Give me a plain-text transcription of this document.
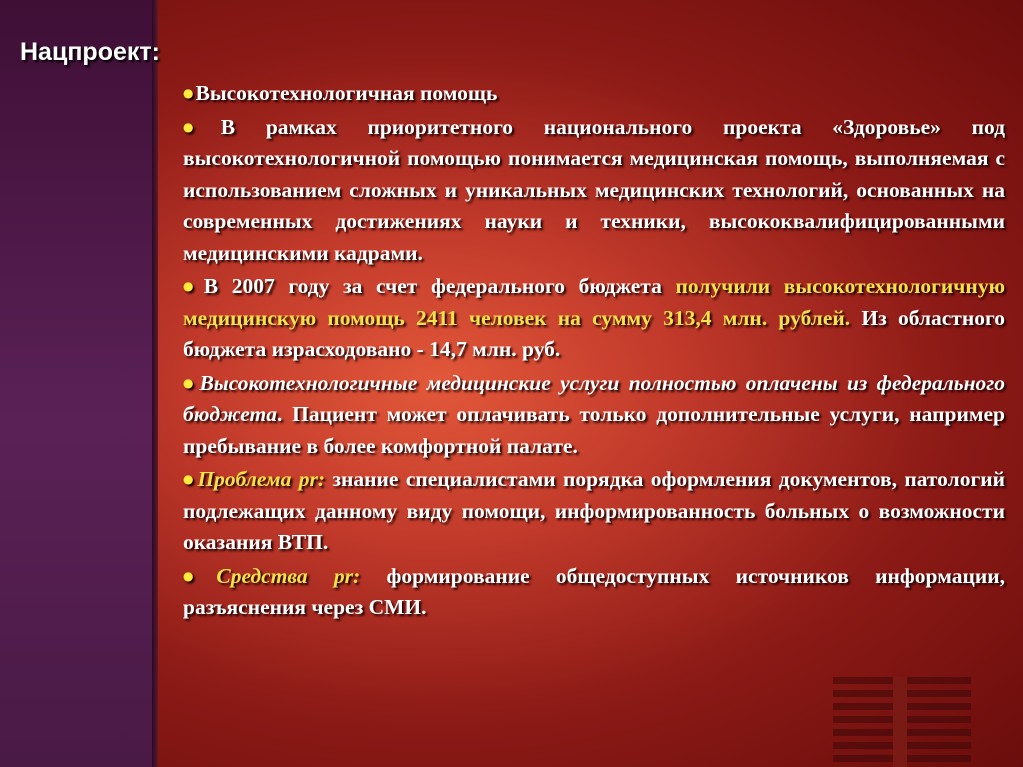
Нацпроект:
●Высокотехнологичная помощь
●В рамках приоритетного национального проекта «Здоровье» под высокотехнологичной помощью понимается медицинская помощь, выполняемая с использованием сложных и уникальных медицинских технологий, основанных на современных достижениях науки и техники, высококвалифицированными медицинскими кадрами.
●В 2007 году за счет федерального бюджета получили высокотехнологичную медицинскую помощь 2411 человек на сумму 313,4 млн. рублей. Из областного бюджета израсходовано - 14,7 млн. руб.
●Высокотехнологичные медицинские услуги полностью оплачены из федерального бюджета. Пациент может оплачивать только дополнительные услуги, например пребывание в более комфортной палате.
●Проблема pr: знание специалистами порядка оформления документов, патологий подлежащих данному виду помощи, информированность больных о возможности оказания ВТП.
●Средства pr: формирование общедоступных источников информации, разъяснения через СМИ.
